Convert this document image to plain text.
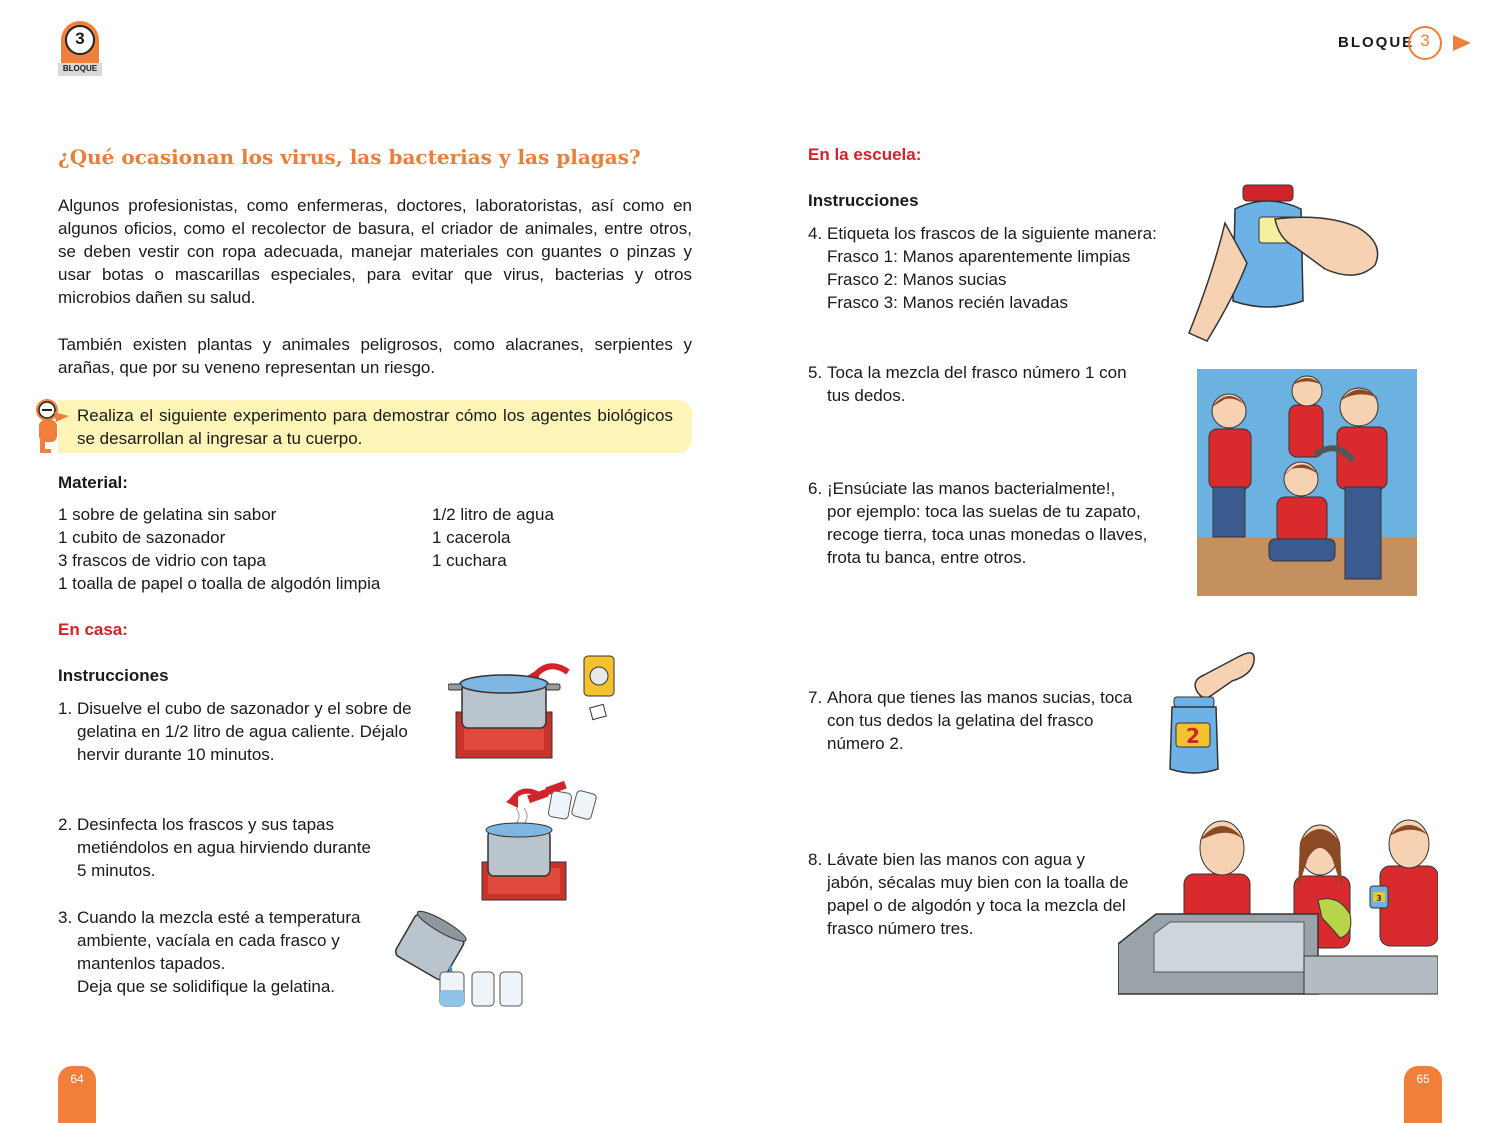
3
BLOQUE
BLOQUE 3
¿Qué ocasionan los virus, las bacterias y las plagas?
Algunos profesionistas, como enfermeras, doctores, laboratoristas, así como en algunos oficios, como el recolector de basura, el criador de animales, entre otros, se deben vestir con ropa adecuada, manejar materiales con guantes o pinzas y usar botas o mascarillas especiales, para evitar que virus, bacterias y otros microbios dañen su salud.
También existen plantas y animales peligrosos, como alacranes, serpientes y arañas, que por su veneno representan un riesgo.
Realiza el siguiente experimento para demostrar cómo los agentes biológicos se desarrollan al ingresar a tu cuerpo.
Material:
1 sobre de gelatina sin sabor
1 cubito de sazonador
3 frascos de vidrio con tapa
1 toalla de papel o toalla de algodón limpia
1/2 litro de agua
1 cacerola
1 cuchara
En casa:
Instrucciones
1. Disuelve el cubo de sazonador y el sobre de
gelatina en 1/2 litro de agua caliente. Déjalo
hervir durante 10 minutos.
2. Desinfecta los frascos y sus tapas
metiéndolos en agua hirviendo durante
5 minutos.
3. Cuando la mezcla esté a temperatura
ambiente, vacíala en cada frasco y
mantenlos tapados.
Deja que se solidifique la gelatina.
64
En la escuela:
Instrucciones
4. Etiqueta los frascos de la siguiente manera:
Frasco 1: Manos aparentemente limpias
Frasco 2: Manos sucias
Frasco 3: Manos recién lavadas
5. Toca la mezcla del frasco número 1 con
tus dedos.
6. ¡Ensúciate las manos bacterialmente!,
por ejemplo: toca las suelas de tu zapato,
recoge tierra, toca unas monedas o llaves,
frota tu banca, entre otros.
7. Ahora que tienes las manos sucias, toca
con tus dedos la gelatina del frasco
número 2.
8. Lávate bien las manos con agua y
jabón, sécalas muy bien con la toalla de
papel o de algodón y toca la mezcla del
frasco número tres.
2
3
65
